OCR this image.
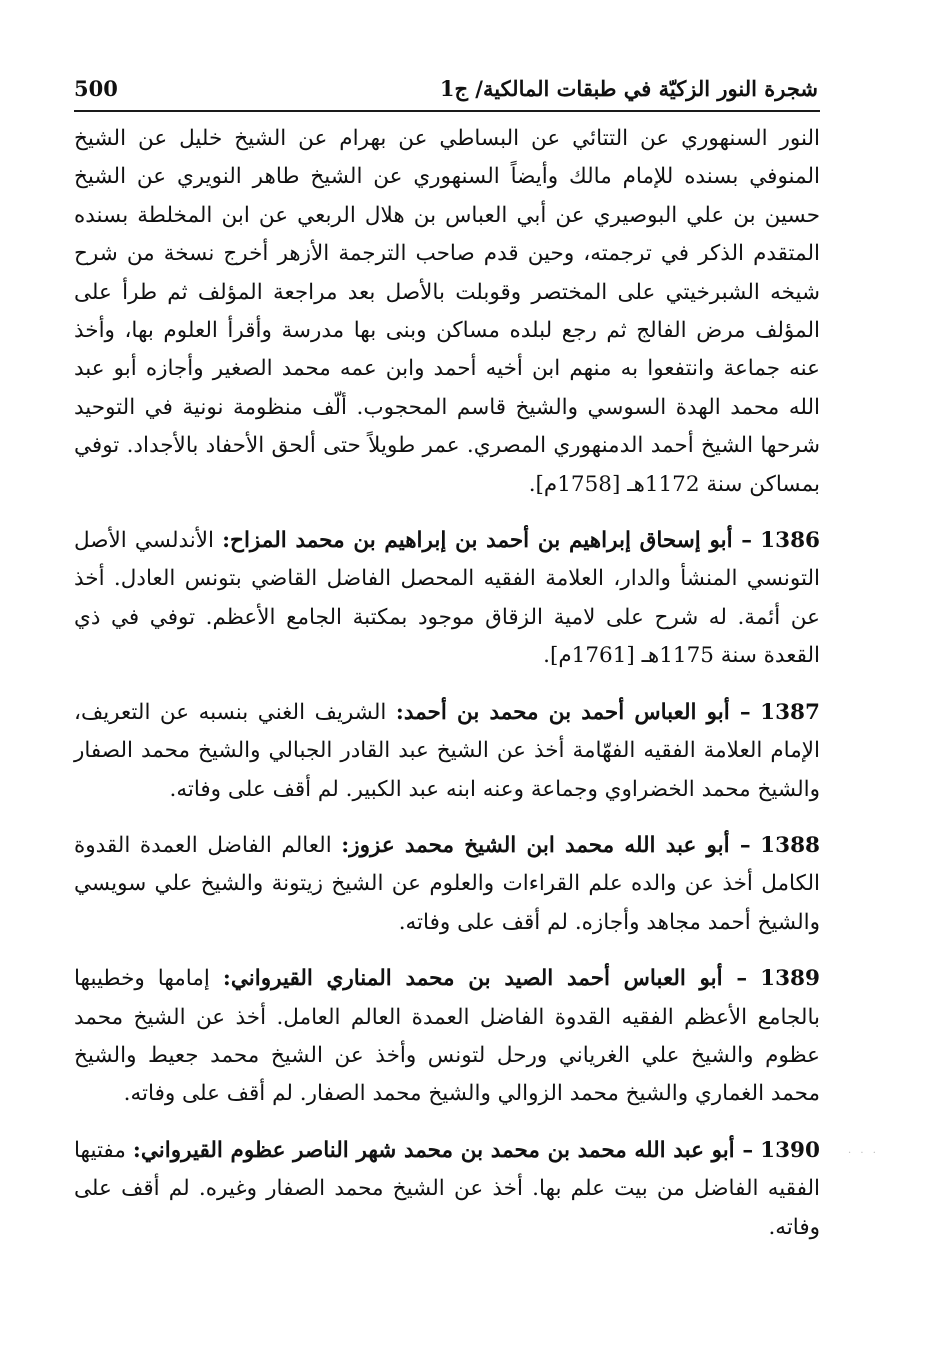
شجرة النور الزكيّة في طبقات المالكية/ ج1
500

النور السنهوري عن التتائي عن البساطي عن بهرام عن الشيخ خليل عن الشيخ المنوفي بسنده للإمام مالك وأيضاً السنهوري عن الشيخ طاهر النويري عن الشيخ حسين بن علي البوصيري عن أبي العباس بن هلال الربعي عن ابن المخلطة بسنده المتقدم الذكر في ترجمته، وحين قدم صاحب الترجمة الأزهر أخرج نسخة من شرح شيخه الشبرخيتي على المختصر وقوبلت بالأصل بعد مراجعة المؤلف ثم طرأ على المؤلف مرض الفالج ثم رجع لبلده مساكن وبنى بها مدرسة وأقرأ العلوم بها، وأخذ عنه جماعة وانتفعوا به منهم ابن أخيه أحمد وابن عمه محمد الصغير وأجازه أبو عبد الله محمد الهدة السوسي والشيخ قاسم المحجوب. ألّف منظومة نونية في التوحيد شرحها الشيخ أحمد الدمنهوري المصري. عمر طويلاً حتى ألحق الأحفاد بالأجداد. توفي بمساكن سنة 1172هـ [1758م].

1386 – أبو إسحاق إبراهيم بن أحمد بن إبراهيم بن محمد المزاح: الأندلسي الأصل التونسي المنشأ والدار، العلامة الفقيه المحصل الفاضل القاضي بتونس العادل. أخذ عن أئمة. له شرح على لامية الزقاق موجود بمكتبة الجامع الأعظم. توفي في ذي القعدة سنة 1175هـ [1761م].

1387 – أبو العباس أحمد بن محمد بن أحمد: الشريف الغني بنسبه عن التعريف، الإمام العلامة الفقيه الفهّامة أخذ عن الشيخ عبد القادر الجبالي والشيخ محمد الصفار والشيخ محمد الخضراوي وجماعة وعنه ابنه عبد الكبير. لم أقف على وفاته.

1388 – أبو عبد الله محمد ابن الشيخ محمد عزوز: العالم الفاضل العمدة القدوة الكامل أخذ عن والده علم القراءات والعلوم عن الشيخ زيتونة والشيخ علي سويسي والشيخ أحمد مجاهد وأجازه. لم أقف على وفاته.

1389 – أبو العباس أحمد الصيد بن محمد المناري القيرواني: إمامها وخطيبها بالجامع الأعظم الفقيه القدوة الفاضل العمدة العالم العامل. أخذ عن الشيخ محمد عظوم والشيخ علي الغرياني ورحل لتونس وأخذ عن الشيخ محمد جعيط والشيخ محمد الغماري والشيخ محمد الزوالي والشيخ محمد الصفار. لم أقف على وفاته.

1390 – أبو عبد الله محمد بن محمد بن محمد شهر الناصر عظوم القيرواني: مفتيها الفقيه الفاضل من بيت علم بها. أخذ عن الشيخ محمد الصفار وغيره. لم أقف على وفاته.

· · ·
